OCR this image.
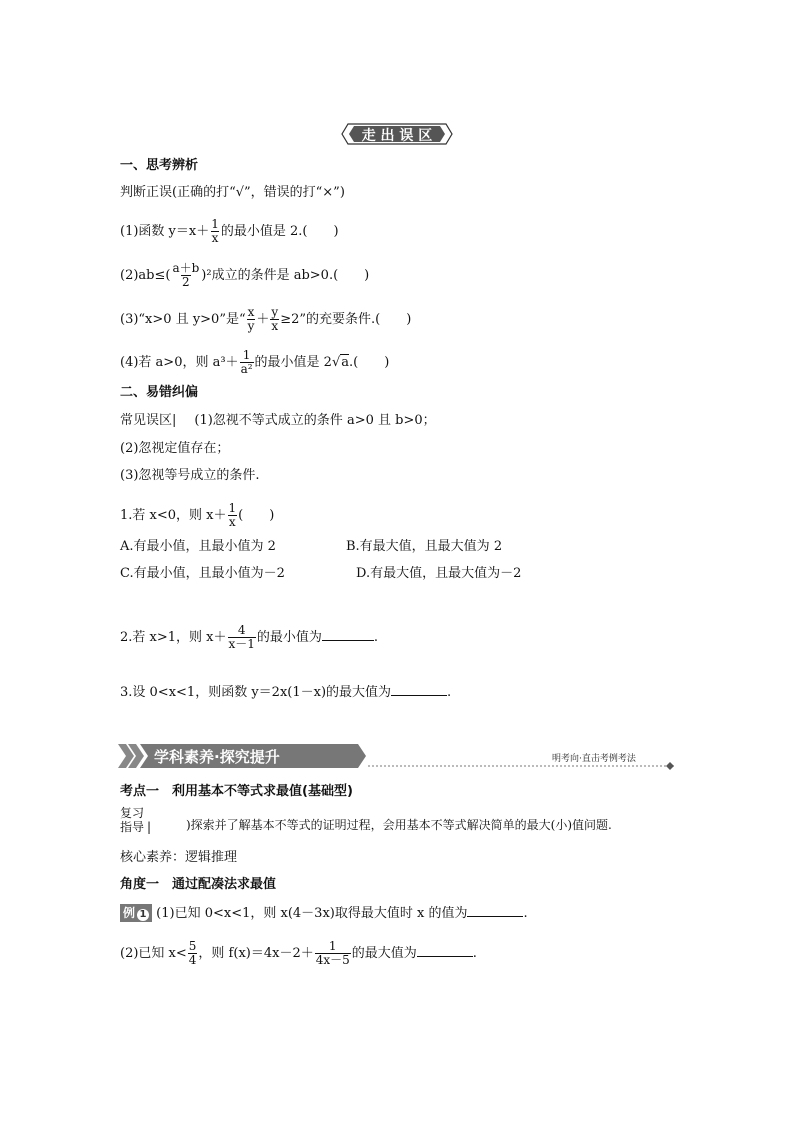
走 出 误 区
一、思考辨析
判断正误(正确的打“√”，错误的打“×”)
(1)函数 $y=x+ \frac{1}{x}$ 的最小值是 2.(　　)
$(2)ab\le( \frac{a+b}{2} )^2$成立的条件是 ab>0.(　　)
(3)“x>0 且 y>0”是“ $\frac{x}{y} + \frac{y}{x} \ge 2$”的充要条件.(　　)
(4)若 a>0，则 $a^3+ \frac{1}{\text{a²}}$ 的最小值是 2√a.(　　)
二、易错纠偏
常见误区| (1)忽视不等式成立的条件 a>0 且 b>0；
(2)忽视定值存在；
(3)忽视等号成立的条件.
1.若 x<0，则 $x+ \frac{1}{x}$ (　　)
A.有最小值，且最小值为 2	B.有最大值，且最大值为 2
C.有最小值，且最小值为－2	D.有最大值，且最大值为－2
2.若 x>1，则 $x+ \frac{4}{x-1}$ 的最小值为	.
3.设 0<x<1，则函数 y＝2x(1－x)的最大值为	.
学科素养·探究提升	明考向·直击考例考法
考点一　利用基本不等式求最值(基础型)
复习
指导 |	)探索并了解基本不等式的证明过程，会用基本不等式解决简单的最大(小)值问题.
核心素养：逻辑推理
角度一　通过配凑法求最值
例 1 (1)已知 0<x<1，则 x(4－3x)取得最大值时 x 的值为	.
(2)已知 $x< \frac{5}{4}$ ，则 $f(x)=4x-2+ \frac{1}{4x-5}$ 的最大值为	.
